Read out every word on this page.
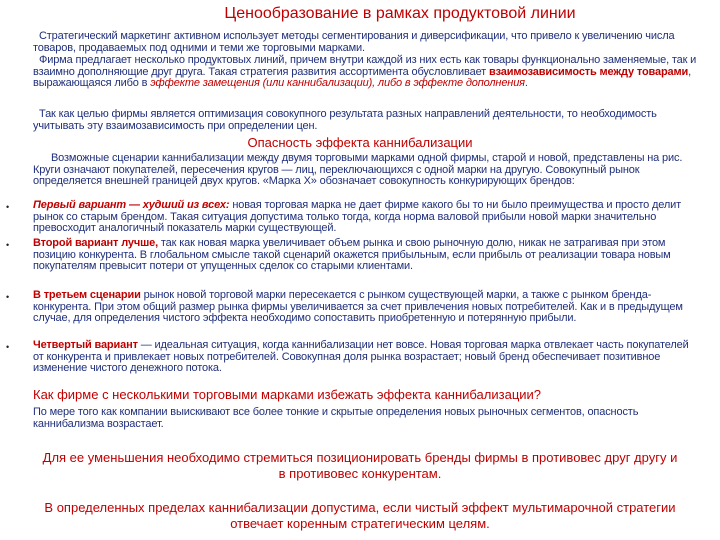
Ценообразование в рамках продуктовой линии
Стратегический маркетинг активном использует методы сегментирования и диверсификации, что привело к увеличению числа товаров, продаваемых под одними и теми же торговыми марками.
Фирма предлагает несколько продуктовых линий, причем внутри каждой из них есть как товары функционально заменяемые, так и взаимно дополняющие друг друга. Такая стратегия развития ассортимента обусловливает взаимозависимость между товарами, выражающаяся либо в эффекте замещения (или каннибализации), либо в эффекте дополнения.
Так как целью фирмы является оптимизация совокупного результата разных направлений деятельности, то необходимость учитывать эту взаимозависимость при определении цен.
Опасность эффекта каннибализации
Возможные сценарии каннибализации между двумя торговыми марками одной фирмы, старой и новой, представлены на рис. Круги означают покупателей, пересечения кругов — лиц, переключающихся с одной марки на другую. Совокупный рынок определяется внешней границей двух кругов. «Марка X» обозначает совокупность конкурирующих брендов:
• Первый вариант — худший из всех: новая торговая марка не дает фирме какого бы то ни было преимущества и просто делит рынок со старым брендом. Такая ситуация допустима только тогда, когда норма валовой прибыли новой марки значительно превосходит аналогичный показатель марки существующей.
• Второй вариант лучше, так как новая марка увеличивает объем рынка и свою рыночную долю, никак не затрагивая при этом позицию конкурента. В глобальном смысле такой сценарий окажется прибыльным, если прибыль от реализации товара новым покупателям превысит потери от упущенных сделок со старыми клиентами.
• В третьем сценарии рынок новой торговой марки пересекается с рынком существующей марки, а также с рынком бренда-конкурента. При этом общий размер рынка фирмы увеличивается за счет привлечения новых потребителей. Как и в предыдущем случае, для определения чистого эффекта необходимо сопоставить приобретенную и потерянную прибыли.
• Четвертый вариант — идеальная ситуация, когда каннибализации нет вовсе. Новая торговая марка отвлекает часть покупателей от конкурента и привлекает новых потребителей. Совокупная доля рынка возрастает; новый бренд обеспечивает позитивное изменение чистого денежного потока.
Как фирме с несколькими торговыми марками избежать эффекта каннибализации?
По мере того как компании выискивают все более тонкие и скрытые определения новых рыночных сегментов, опасность каннибализма возрастает.
Для ее уменьшения необходимо стремиться позиционировать бренды фирмы в противовес друг другу и в противовес конкурентам.
В определенных пределах каннибализации допустима, если чистый эффект мультимарочной стратегии отвечает коренным стратегическим целям.
